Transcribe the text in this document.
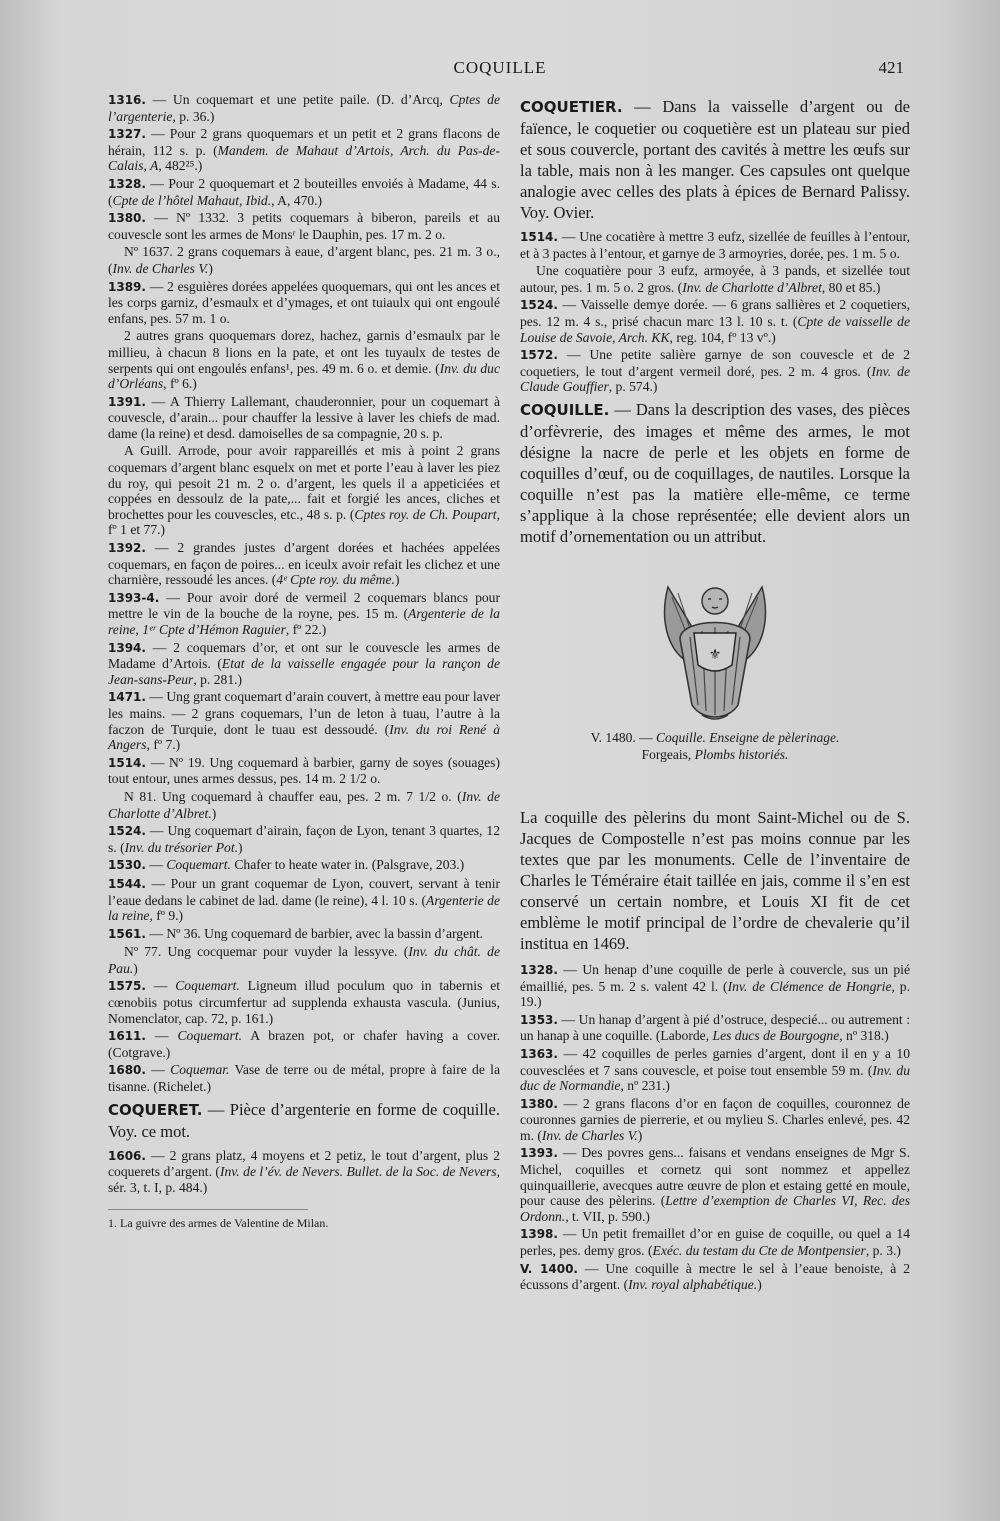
COQUILLE	421

1316. — Un coquemart et une petite paile. (D. d’Arcq, Cptes de l’argenterie, p. 36.)

1327. — Pour 2 grans quoquemars et un petit et 2 grans flacons de hérain, 112 s. p. (Mandem. de Mahaut d’Artois, Arch. du Pas-de-Calais, A, 482²⁵.)

1328. — Pour 2 quoquemart et 2 bouteilles envoiés à Madame, 44 s. (Cpte de l’hôtel Mahaut, Ibid., A, 470.)

1380. — Nº 1332. 3 petits coquemars à biberon, pareils et au couvescle sont les armes de Monsʳ le Dauphin, pes. 17 m. 2 o.

Nº 1637. 2 grans coquemars à eaue, d’argent blanc, pes. 21 m. 3 o., (Inv. de Charles V.)

1389. — 2 esguières dorées appelées quoquemars, qui ont les ances et les corps garniz, d’esmaulx et d’ymages, et ont tuiaulx qui ont engoulé enfans, pes. 57 m. 1 o.

2 autres grans quoquemars dorez, hachez, garnis d’esmaulx par le millieu, à chacun 8 lions en la pate, et ont les tuyaulx de testes de serpents qui ont engoulés enfans¹, pes. 49 m. 6 o. et demie. (Inv. du duc d’Orléans, fº 6.)

1391. — A Thierry Lallemant, chauderonnier, pour un coquemart à couvescle, d’arain... pour chauffer la lessive à laver les chiefs de mad. dame (la reine) et desd. damoiselles de sa compagnie, 20 s. p.

A Guill. Arrode, pour avoir rappareillés et mis à point 2 grans coquemars d’argent blanc esquelx on met et porte l’eau à laver les piez du roy, qui pesoit 21 m. 2 o. d’argent, les quels il a appeticiées et coppées en dessoulz de la pate,... fait et forgié les ances, cliches et brochettes pour les couvescles, etc., 48 s. p. (Cptes roy. de Ch. Poupart, fº 1 et 77.)

1392. — 2 grandes justes d’argent dorées et hachées appelées coquemars, en façon de poires... en iceulx avoir refait les clichez et une charnière, ressoudé les ances. (4ᵉ Cpte roy. du même.)

1393-4. — Pour avoir doré de vermeil 2 coquemars blancs pour mettre le vin de la bouche de la royne, pes. 15 m. (Argenterie de la reine, 1ᵉʳ Cpte d’Hémon Raguier, fº 22.)

1394. — 2 coquemars d’or, et ont sur le couvescle les armes de Madame d’Artois. (Etat de la vaisselle engagée pour la rançon de Jean-sans-Peur, p. 281.)

1471. — Ung grant coquemart d’arain couvert, à mettre eau pour laver les mains. — 2 grans coquemars, l’un de leton à tuau, l’autre à la faczon de Turquie, dont le tuau est dessoudé. (Inv. du roi René à Angers, fº 7.)

1514. — Nº 19. Ung coquemard à barbier, garny de soyes (souages) tout entour, unes armes dessus, pes. 14 m. 2 1/2 o.

N 81. Ung coquemard à chauffer eau, pes. 2 m. 7 1/2 o. (Inv. de Charlotte d’Albret.)

1524. — Ung coquemart d’airain, façon de Lyon, tenant 3 quartes, 12 s. (Inv. du trésorier Pot.)

1530. — Coquemart. Chafer to heate water in. (Palsgrave, 203.)

1544. — Pour un grant coquemar de Lyon, couvert, servant à tenir l’eaue dedans le cabinet de lad. dame (le reine), 4 l. 10 s. (Argenterie de la reine, fº 9.)

1561. — Nº 36. Ung coquemard de barbier, avec la bassin d’argent.

Nº 77. Ung cocquemar pour vuyder la lessyve. (Inv. du chât. de Pau.)

1575. — Coquemart. Ligneum illud poculum quo in tabernis et cœnobiis potus circumfertur ad supplenda exhausta vascula. (Junius, Nomenclator, cap. 72, p. 161.)

1611. — Coquemart. A brazen pot, or chafer having a cover. (Cotgrave.)

1680. — Coquemar. Vase de terre ou de métal, propre à faire de la tisanne. (Richelet.)

COQUERET. — Pièce d’argenterie en forme de coquille. Voy. ce mot.

1606. — 2 grans platz, 4 moyens et 2 petiz, le tout d’argent, plus 2 coquerets d’argent. (Inv. de l’év. de Nevers. Bullet. de la Soc. de Nevers, sér. 3, t. I, p. 484.)

1. La guivre des armes de Valentine de Milan.

COQUETIER. — Dans la vaisselle d’argent ou de faïence, le coquetier ou coquetière est un plateau sur pied et sous couvercle, portant des cavités à mettre les œufs sur la table, mais non à les manger. Ces capsules ont quelque analogie avec celles des plats à épices de Bernard Palissy. Voy. Ovier.

1514. — Une cocatière à mettre 3 eufz, sizellée de feuilles à l’entour, et à 3 pactes à l’entour, et garnye de 3 armoyries, dorée, pes. 1 m. 5 o.

Une coquatière pour 3 eufz, armoyée, à 3 pands, et sizellée tout autour, pes. 1 m. 5 o. 2 gros. (Inv. de Charlotte d’Albret, 80 et 85.)

1524. — Vaisselle demye dorée. — 6 grans sallières et 2 coquetiers, pes. 12 m. 4 s., prisé chacun marc 13 l. 10 s. t. (Cpte de vaisselle de Louise de Savoie, Arch. KK, reg. 104, fº 13 vº.)

1572. — Une petite salière garnye de son couvescle et de 2 coquetiers, le tout d’argent vermeil doré, pes. 2 m. 4 gros. (Inv. de Claude Gouffier, p. 574.)

COQUILLE. — Dans la description des vases, des pièces d’orfèvrerie, des images et même des armes, le mot désigne la nacre de perle et les objets en forme de coquilles d’œuf, ou de coquillages, de nautiles. Lorsque la coquille n’est pas la matière elle-même, ce terme s’applique à la chose représentée; elle devient alors un motif d’ornementation ou un attribut.

⚜
V. 1480. — Coquille. Enseigne de pèlerinage.
Forgeais, Plombs historiés.

La coquille des pèlerins du mont Saint-Michel ou de S. Jacques de Compostelle n’est pas moins connue par les textes que par les monuments. Celle de l’inventaire de Charles le Téméraire était taillée en jais, comme il s’en est conservé un certain nombre, et Louis XI fit de cet emblème le motif principal de l’ordre de chevalerie qu’il institua en 1469.

1328. — Un henap d’une coquille de perle à couvercle, sus un pié émaillié, pes. 5 m. 2 s. valent 42 l. (Inv. de Clémence de Hongrie, p. 19.)

1353. — Un hanap d’argent à pié d’ostruce, despecié... ou autrement : un hanap à une coquille. (Laborde, Les ducs de Bourgogne, nº 318.)

1363. — 42 coquilles de perles garnies d’argent, dont il en y a 10 couvesclées et 7 sans couvescle, et poise tout ensemble 59 m. (Inv. du duc de Normandie, nº 231.)

1380. — 2 grans flacons d’or en façon de coquilles, couronnez de couronnes garnies de pierrerie, et ou mylieu S. Charles enlevé, pes. 42 m. (Inv. de Charles V.)

1393. — Des povres gens... faisans et vendans enseignes de Mgr S. Michel, coquilles et cornetz qui sont nommez et appellez quinquaillerie, avecques autre œuvre de plon et estaing getté en moule, pour cause des pèlerins. (Lettre d’exemption de Charles VI, Rec. des Ordonn., t. VII, p. 590.)

1398. — Un petit fremaillet d’or en guise de coquille, ou quel a 14 perles, pes. demy gros. (Exéc. du testam du Cte de Montpensier, p. 3.)

V. 1400. — Une coquille à mectre le sel à l’eaue benoiste, à 2 écussons d’argent. (Inv. royal alphabétique.)
